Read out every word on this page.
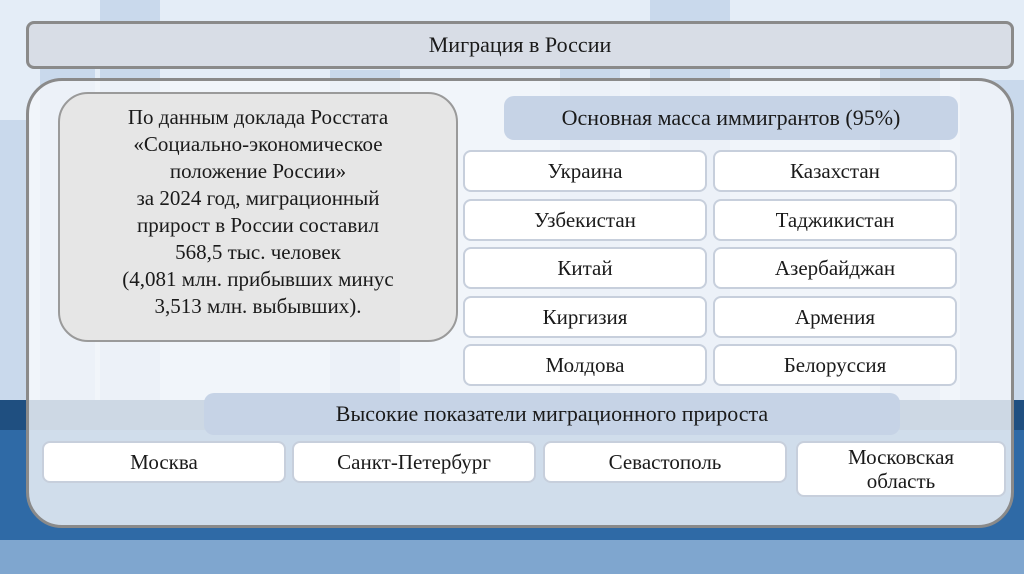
Миграция в России
По данным доклада Росстата
«Социально-экономическое
положение России»
за 2024 год, миграционный
прирост в России составил
568,5 тыс. человек
(4,081 млн. прибывших минус
3,513 млн. выбывших).
Основная масса иммигрантов (95%)
Украина	Казахстан
Узбекистан	Таджикистан
Китай	Азербайджан
Киргизия	Армения
Молдова	Белоруссия
Высокие показатели миграционного прироста
Москва	Санкт-Петербург	Севастополь	Московская область
